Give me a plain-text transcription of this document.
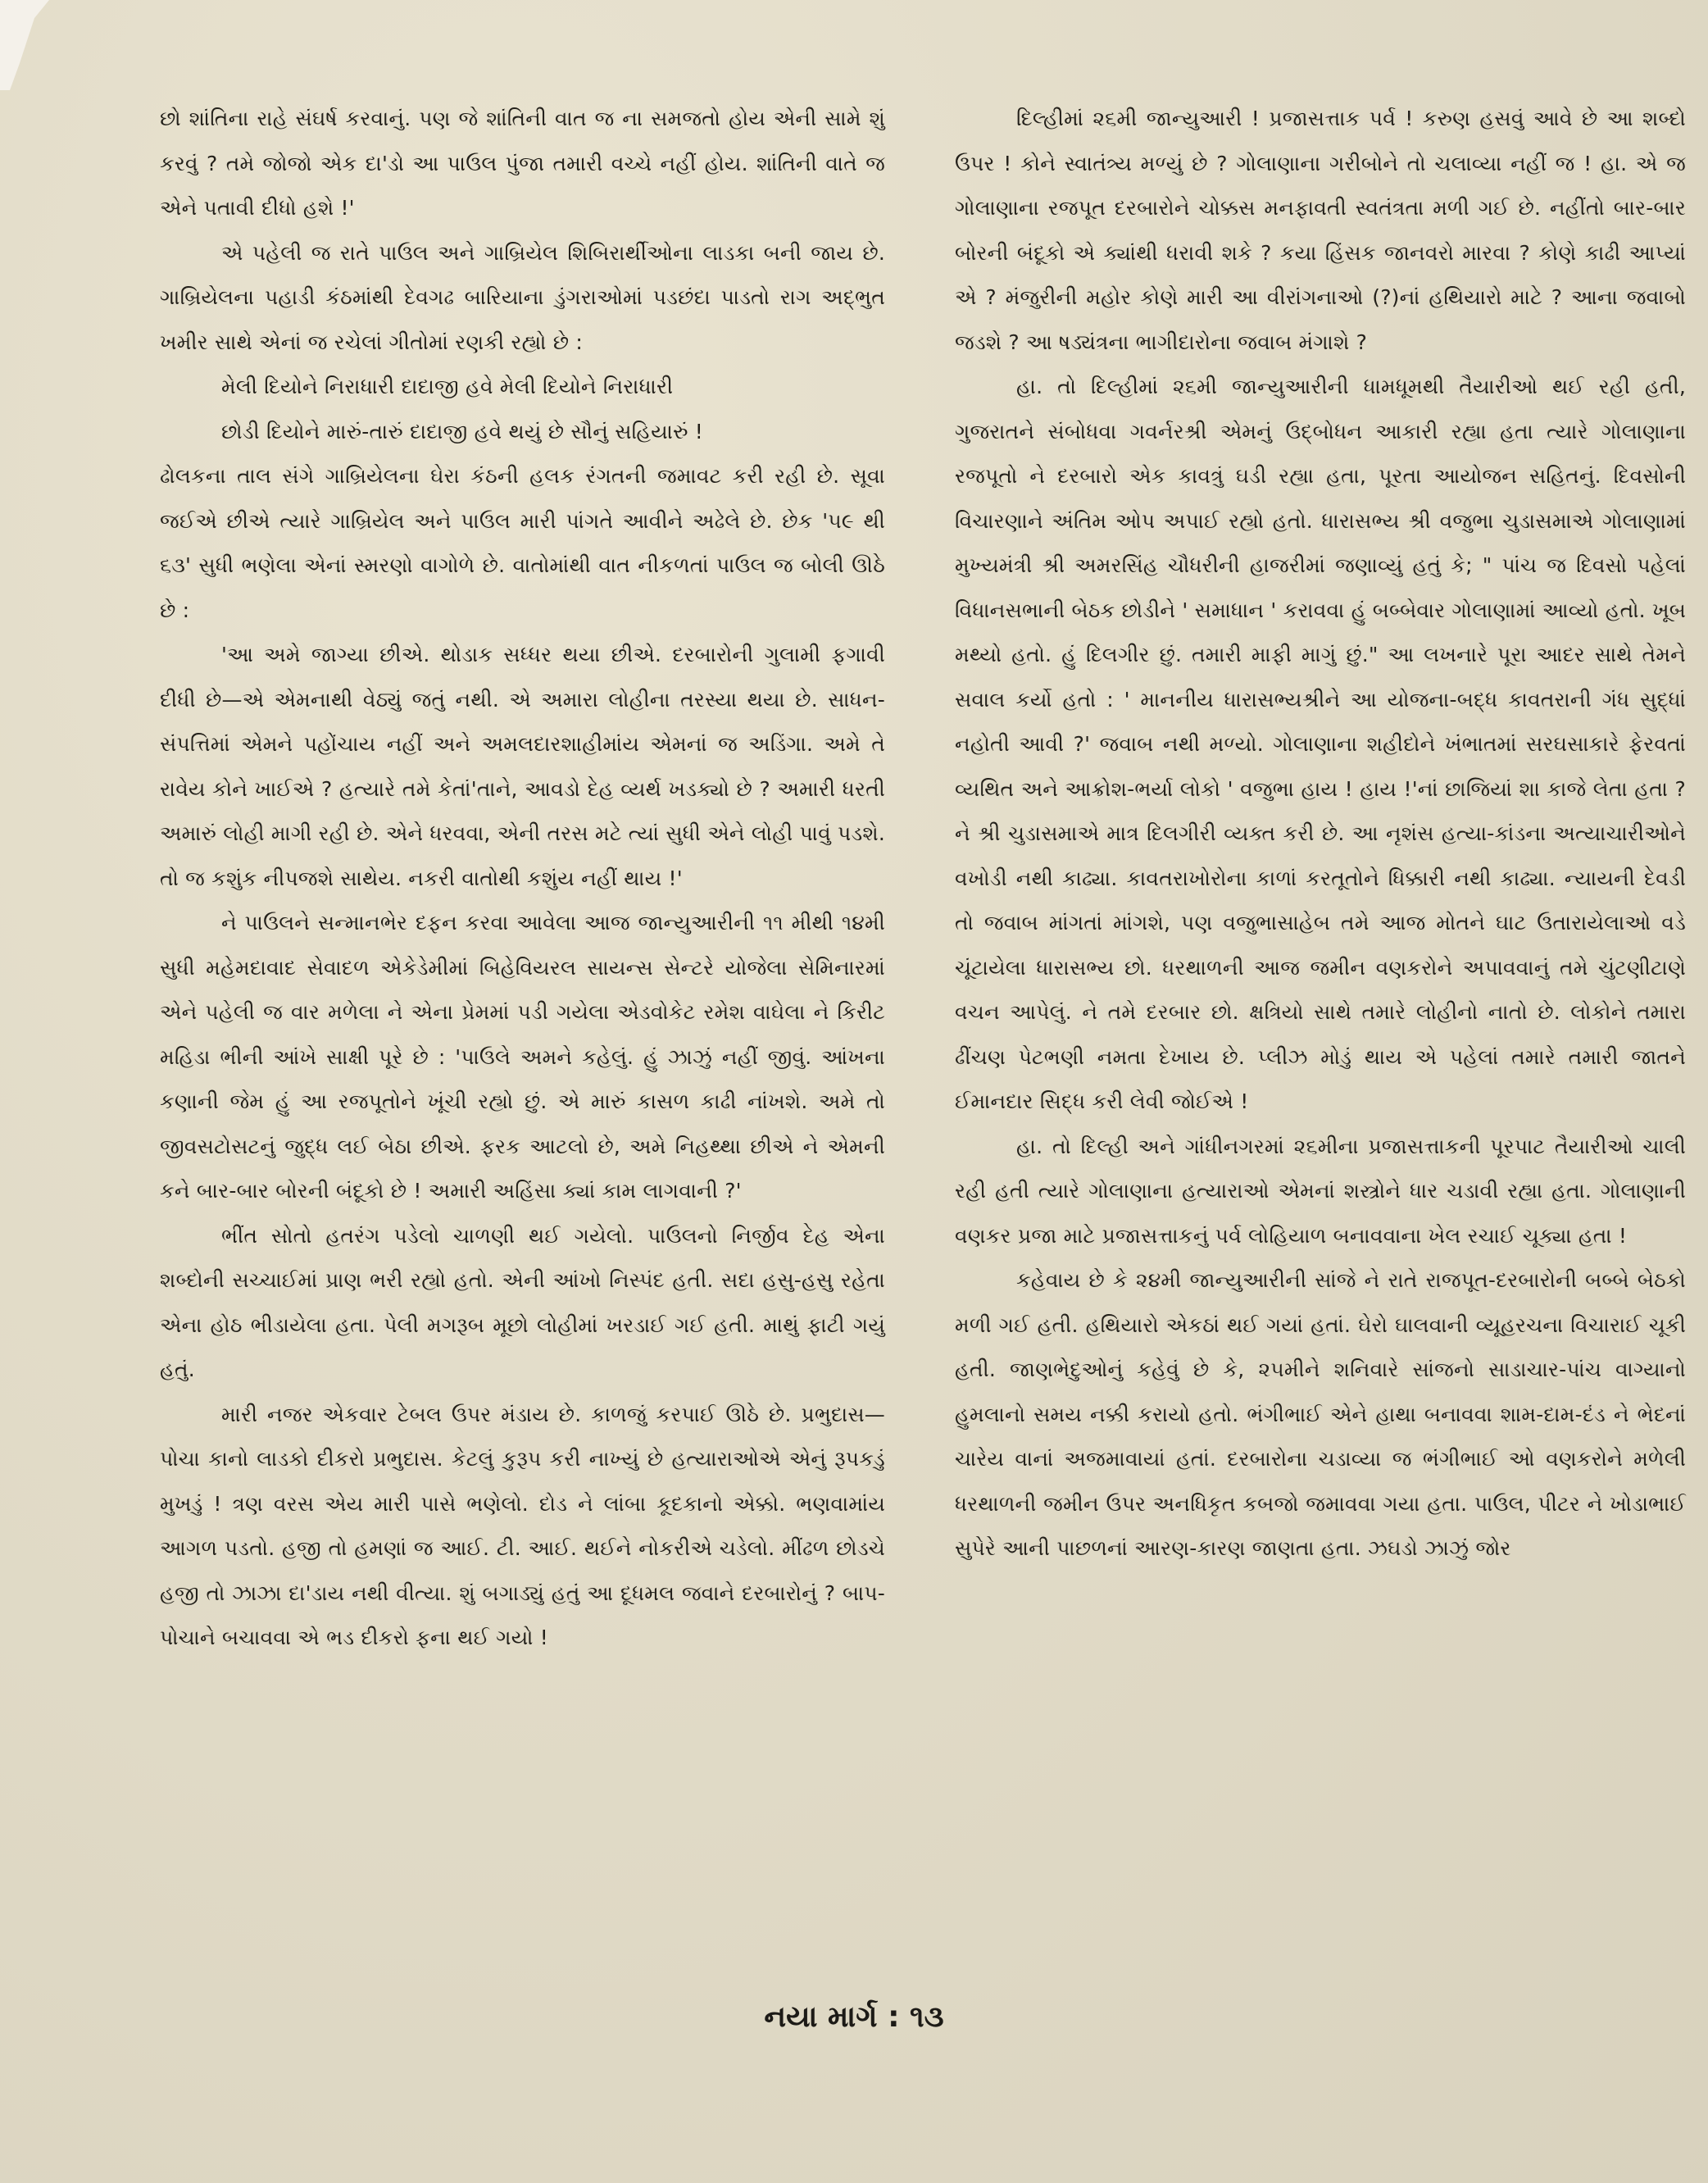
છો શાંતિના રાહે સંઘર્ષ કરવાનું. પણ જે શાંતિની વાત જ ના સમજતો હોય એની સામે શું કરવું ? તમે જોજો એક દા'ડો આ પાઉલ પુંજા તમારી વચ્ચે નહીં હોય. શાંતિની વાતે જ એને પતાવી દીધો હશે !'

એ પહેલી જ રાતે પાઉલ અને ગાબ્રિયેલ શિબિરાર્થીઓના લાડકા બની જાય છે. ગાબ્રિયેલના પહાડી કંઠમાંથી દેવગઢ બારિયાના ડુંગરાઓમાં પડછંદા પાડતો રાગ અદ્ભુત ખમીર સાથે એનાં જ રચેલાં ગીતોમાં રણકી રહ્યો છે :

મેલી દિયોને નિરાધારી દાદાજી હવે મેલી દિયોને નિરાધારી

છોડી દિયોને મારું-તારું દાદાજી હવે થયું છે સૌનું સહિયારું !

ઢોલકના તાલ સંગે ગાબ્રિયેલના ઘેરા કંઠની હલક રંગતની જમાવટ કરી રહી છે. સૂવા જઈએ છીએ ત્યારે ગાબ્રિયેલ અને પાઉલ મારી પાંગતે આવીને અઢેલે છે. છેક '૫૯ થી ૬૩' સુધી ભણેલા એનાં સ્મરણો વાગોળે છે. વાતોમાંથી વાત નીકળતાં પાઉલ જ બોલી ઊઠે છે :

'આ અમે જાગ્યા છીએ. થોડાક સધ્ધર થયા છીએ. દરબારોની ગુલામી ફગાવી દીધી છે—એ એમનાથી વેઠ્યું જતું નથી. એ અમારા લોહીના તરસ્યા થયા છે. સાધન-સંપત્તિમાં એમને પહોંચાય નહીં અને અમલદારશાહીમાંય એમનાં જ અડિંગા. અમે તે રાવેય કોને ખાઈએ ? હત્યારે તમે કેતાં'તાને, આવડો દેહ વ્યર્થ ખડક્યો છે ? અમારી ધરતી અમારું લોહી માગી રહી છે. એને ધરવવા, એની તરસ મટે ત્યાં સુધી એને લોહી પાવું પડશે. તો જ કશુંક નીપજશે સાથેય. નકરી વાતોથી કશુંય નહીં થાય !'

ને પાઉલને સન્માનભેર દફન કરવા આવેલા આજ જાન્યુઆરીની ૧૧ મીથી ૧૪મી સુધી મહેમદાવાદ સેવાદળ એકેડેમીમાં બિહેવિયરલ સાયન્સ સેન્ટરે યોજેલા સેમિનારમાં એને પહેલી જ વાર મળેલા ને એના પ્રેમમાં પડી ગયેલા એડવોકેટ રમેશ વાઘેલા ને કિરીટ મહિડા ભીની આંખે સાક્ષી પૂરે છે : 'પાઉલે અમને કહેલું. હું ઝાઝું નહીં જીવું. આંખના કણાની જેમ હું આ રજપૂતોને ખૂંચી રહ્યો છું. એ મારું કાસળ કાઢી નાંખશે. અમે તો જીવસટોસટનું જુદ્ધ લઈ બેઠા છીએ. ફરક આટલો છે, અમે નિહથ્થા છીએ ને એમની કને બાર-બાર બોરની બંદૂકો છે ! અમારી અહિંસા ક્યાં કામ લાગવાની ?'

ભીંત સોતો હતરંગ પડેલો ચાળણી થઈ ગયેલો. પાઉલનો નિર્જીવ દેહ એના શબ્દોની સચ્ચાઈમાં પ્રાણ ભરી રહ્યો હતો. એની આંખો નિસ્પંદ હતી. સદા હસુ-હસુ રહેતા એના હોઠ ભીડાયેલા હતા. પેલી મગરૂબ મૂછો લોહીમાં ખરડાઈ ગઈ હતી. માથું ફાટી ગયું હતું.

મારી નજર એકવાર ટેબલ ઉપર મંડાય છે. કાળજું કરપાઈ ઊઠે છે. પ્રભુદાસ—પોચા કાનો લાડકો દીકરો પ્રભુદાસ. કેટલું કુરૂપ કરી નાખ્યું છે હત્યારાઓએ એનું રૂપકડું મુખડું ! ત્રણ વરસ એય મારી પાસે ભણેલો. દોડ ને લાંબા કૂદકાનો એક્કો. ભણવામાંય આગળ પડતો. હજી તો હમણાં જ આઈ. ટી. આઈ. થઈને નોકરીએ ચડેલો. મીંઢળ છોડચે હજી તો ઝાઝા દા'ડાય નથી વીત્યા. શું બગાડ્યું હતું આ દૂધમલ જવાને દરબારોનું ? બાપ-પોચાને બચાવવા એ ભડ દીકરો ફના થઈ ગયો !

દિલ્હીમાં ૨૬મી જાન્યુઆરી ! પ્રજાસત્તાક પર્વ ! કરુણ હસવું આવે છે આ શબ્દો ઉપર ! કોને સ્વાતંત્ર્ય મળ્યું છે ? ગોલાણાના ગરીબોને તો ચલાવ્યા નહીં જ ! હા. એ જ ગોલાણાના રજપૂત દરબારોને ચોક્કસ મનફાવતી સ્વતંત્રતા મળી ગઈ છે. નહીંતો બાર-બાર બોરની બંદૂકો એ ક્યાંથી ધરાવી શકે ? કયા હિંસક જાનવરો મારવા ? કોણે કાઢી આપ્યાં એ ? મંજુરીની મહોર કોણે મારી આ વીરાંગનાઓ (?)નાં હથિયારો માટે ? આના જવાબો જડશે ? આ ષડ્યંત્રના ભાગીદારોના જવાબ મંગાશે ?

હા. તો દિલ્હીમાં ૨૬મી જાન્યુઆરીની ધામધૂમથી તૈયારીઓ થઈ રહી હતી, ગુજરાતને સંબોધવા ગવર્નરશ્રી એમનું ઉદ્બોધન આકારી રહ્યા હતા ત્યારે ગોલાણાના રજપૂતો ને દરબારો એક કાવત્રું ઘડી રહ્યા હતા, પૂરતા આયોજન સહિતનું. દિવસોની વિચારણાને અંતિમ ઓપ અપાઈ રહ્યો હતો. ધારાસભ્ય શ્રી વજુભા ચુડાસમાએ ગોલાણામાં મુખ્યમંત્રી શ્રી અમરસિંહ ચૌધરીની હાજરીમાં જણાવ્યું હતું કે; " પાંચ જ દિવસો પહેલાં વિધાનસભાની બેઠક છોડીને ' સમાધાન ' કરાવવા હું બબ્બેવાર ગોલાણામાં આવ્યો હતો. ખૂબ મથ્યો હતો. હું દિલગીર છું. તમારી માફી માગું છું." આ લખનારે પૂરા આદર સાથે તેમને સવાલ કર્યો હતો : ' માનનીય ધારાસભ્યશ્રીને આ યોજના-બદ્ધ કાવતરાની ગંધ સુદ્ધાં નહોતી આવી ?' જવાબ નથી મળ્યો. ગોલાણાના શહીદોને ખંભાતમાં સરઘસાકારે ફેરવતાં વ્યથિત અને આક્રોશ-ભર્યા લોકો ' વજુભા હાય ! હાય !'નાં છાજિયાં શા કાજે લેતા હતા ? ને શ્રી ચુડાસમાએ માત્ર દિલગીરી વ્યક્ત કરી છે. આ નૃશંસ હત્યા-કાંડના અત્યાચારીઓને વખોડી નથી કાઢ્યા. કાવતરાખોરોના કાળાં કરતૂતોને ધિક્કારી નથી કાઢ્યા. ન્યાયની દેવડી તો જવાબ માંગતાં માંગશે, પણ વજુભાસાહેબ તમે આજ મોતને ઘાટ ઉતારાયેલાઓ વડે ચૂંટાયેલા ધારાસભ્ય છો. ધરથાળની આજ જમીન વણકરોને અપાવવાનું તમે ચુંટણીટાણે વચન આપેલું. ને તમે દરબાર છો. ક્ષત્રિયો સાથે તમારે લોહીનો નાતો છે. લોકોને તમારા ઢીંચણ પેટભણી નમતા દેખાય છે. પ્લીઝ મોડું થાય એ પહેલાં તમારે તમારી જાતને ઈમાનદાર સિદ્ધ કરી લેવી જોઈએ !

હા. તો દિલ્હી અને ગાંધીનગરમાં ૨૬મીના પ્રજાસત્તાકની પૂરપાટ તૈયારીઓ ચાલી રહી હતી ત્યારે ગોલાણાના હત્યારાઓ એમનાં શસ્ત્રોને ધાર ચડાવી રહ્યા હતા. ગોલાણાની વણકર પ્રજા માટે પ્રજાસત્તાકનું પર્વ લોહિયાળ બનાવવાના ખેલ રચાઈ ચૂક્યા હતા !

કહેવાય છે કે ૨૪મી જાન્યુઆરીની સાંજે ને રાતે રાજપૂત-દરબારોની બબ્બે બેઠકો મળી ગઈ હતી. હથિયારો એકઠાં થઈ ગયાં હતાં. ઘેરો ઘાલવાની વ્યૂહરચના વિચારાઈ ચૂકી હતી. જાણભેદુઓનું કહેવું છે કે, ૨૫મીને શનિવારે સાંજનો સાડાચાર-પાંચ વાગ્યાનો હુમલાનો સમય નક્કી કરાયો હતો. ભંગીભાઈ એને હાથા બનાવવા શામ-દામ-દંડ ને ભેદનાં ચારેય વાનાં અજમાવાયાં હતાં. દરબારોના ચડાવ્યા જ ભંગીભાઈ ઓ વણકરોને મળેલી ધરથાળની જમીન ઉપર અનધિકૃત કબજો જમાવવા ગયા હતા. પાઉલ, પીટર ને ખોડાભાઈ સુપેરે આની પાછળનાં આરણ-કારણ જાણતા હતા. ઝઘડો ઝાઝું જોર

નયા માર્ગ : ૧૩
